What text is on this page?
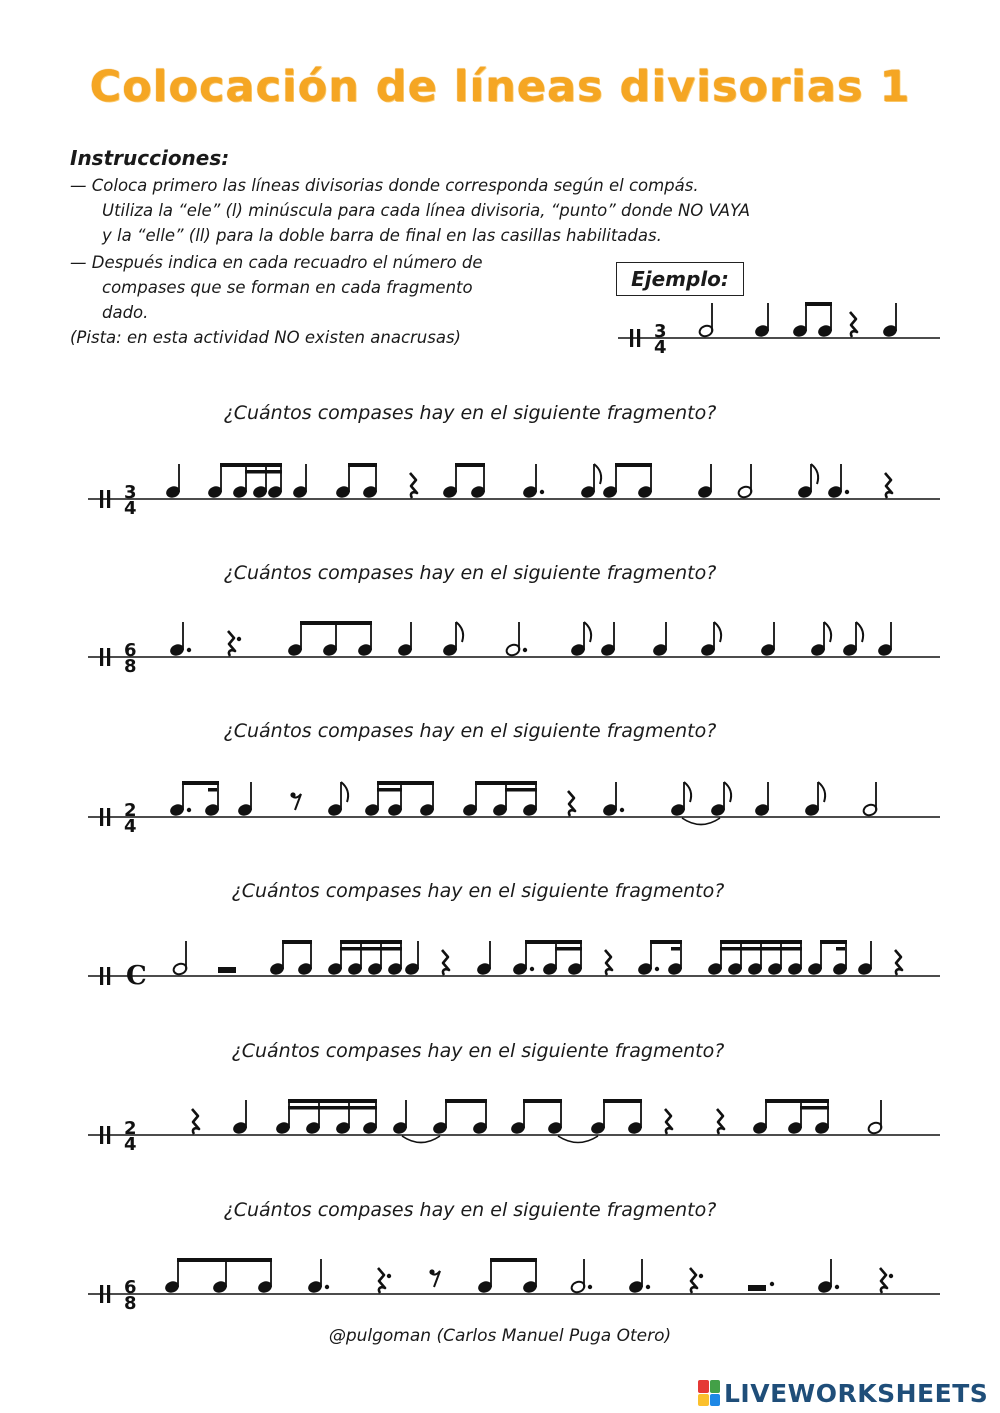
Colocación de líneas divisorias 1
Instrucciones:
— Coloca primero las líneas divisorias donde corresponda según el compás.
Utiliza la “ele” (l) minúscula para cada línea divisoria, “punto” donde NO VAYA
y la “elle” (ll) para la doble barra de final en las casillas habilitadas.
— Después indica en cada recuadro el número de
compases que se forman en cada fragmento
dado.
(Pista: en esta actividad NO existen anacrusas)
Ejemplo:
¿Cuántos compases hay en el siguiente fragmento?
¿Cuántos compases hay en el siguiente fragmento?
¿Cuántos compases hay en el siguiente fragmento?
¿Cuántos compases hay en el siguiente fragmento?
¿Cuántos compases hay en el siguiente fragmento?
¿Cuántos compases hay en el siguiente fragmento?
3
4
3
4
6
8
2
4
C
2
4
6
8
@pulgoman (Carlos Manuel Puga Otero)
LIVEWORKSHEETS
